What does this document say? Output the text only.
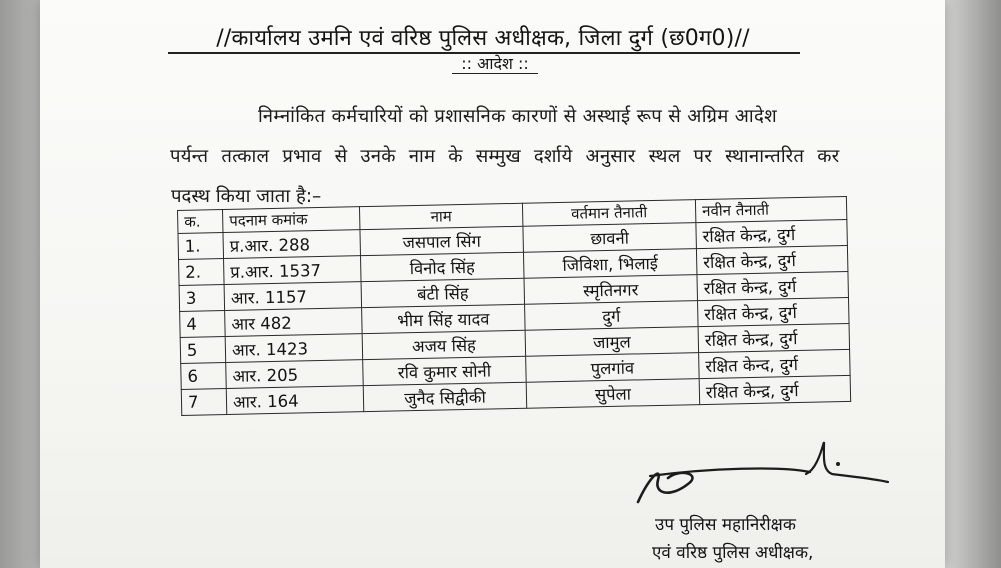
//कार्यालय उमनि एवं वरिष्ठ पुलिस अधीक्षक, जिला दुर्ग (छ0ग0)//
:: आदेश ::
निम्नांकित कर्मचारियों को प्रशासनिक कारणों से अस्थाई रूप से अग्रिम आदेश
पर्यन्त तत्काल प्रभाव से उनके नाम के सम्मुख दर्शाये अनुसार स्थल पर स्थानान्तरित कर
पदस्थ किया जाता है:–
क.	पदनाम कमांक	नाम	वर्तमान तैनाती	नवीन तैनाती
1.	प्र.आर. 288	जसपाल सिंग	छावनी	रक्षित केन्द्र, दुर्ग
2.	प्र.आर. 1537	विनोद सिंह	जिविशा, भिलाई	रक्षित केन्द्र, दुर्ग
3	आर. 1157	बंटी सिंह	स्मृतिनगर	रक्षित केन्द्र, दुर्ग
4	आर 482	भीम सिंह यादव	दुर्ग	रक्षित केन्द्र, दुर्ग
5	आर. 1423	अजय सिंह	जामुल	रक्षित केन्द्र, दुर्ग
6	आर. 205	रवि कुमार सोनी	पुलगांव	रक्षित केन्द, दुर्ग
7	आर. 164	जुनैद सिद्वीकी	सुपेला	रक्षित केन्द्र, दुर्ग
उप पुलिस महानिरीक्षक
एवं वरिष्ठ पुलिस अधीक्षक,
